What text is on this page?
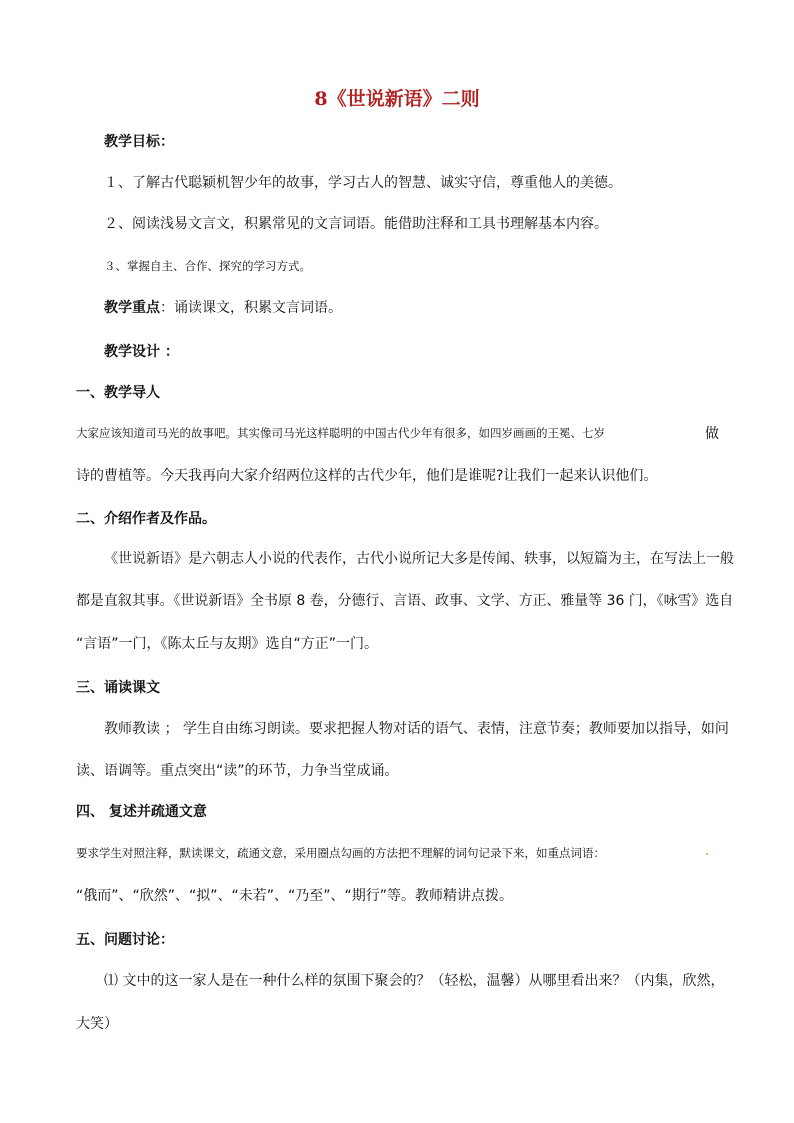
8《世说新语》二则

教学目标：

１、了解古代聪颖机智少年的故事，学习古人的智慧、诚实守信，尊重他人的美德。

２、阅读浅易文言文，积累常见的文言词语。能借助注释和工具书理解基本内容。

３、掌握自主、合作、探究的学习方式。

教学重点：诵读课文，积累文言词语。

教学设计 ：

一、教学导人

大家应该知道司马光的故事吧。其实像司马光这样聪明的中国古代少年有很多，如四岁画画的王冕、七岁	做

诗的曹植等。今天我再向大家介绍两位这样的古代少年，他们是谁呢?让我们一起来认识他们。

二、介绍作者及作品。

《世说新语》是六朝志人小说的代表作，古代小说所记大多是传闻、轶事，以短篇为主，在写法上一般

都是直叙其事。《世说新语》全书原 8 卷，分德行、言语、政事、文学、方正、雅量等 36 门，《咏雪》选自

“言语”一门，《陈太丘与友期》选自“方正”一门。

三、诵读课文

教师教读 ； 学生自由练习朗读。要求把握人物对话的语气、表情，注意节奏；教师要加以指导，如问

读、语调等。重点突出“读”的环节，力争当堂成诵。

四、 复述并疏通文意

要求学生对照注释，默读课文，疏通文意，采用圈点勾画的方法把不理解的词句记录下来，如重点词语：	.

“俄而”、“欣然”、“拟”、“未若”、“乃至”、“期行”等。教师精讲点拨。

五、问题讨论：

⑴ 文中的这一家人是在一种什么样的氛围下聚会的？（轻松，温馨）从哪里看出来？（内集，欣然，

大笑）
